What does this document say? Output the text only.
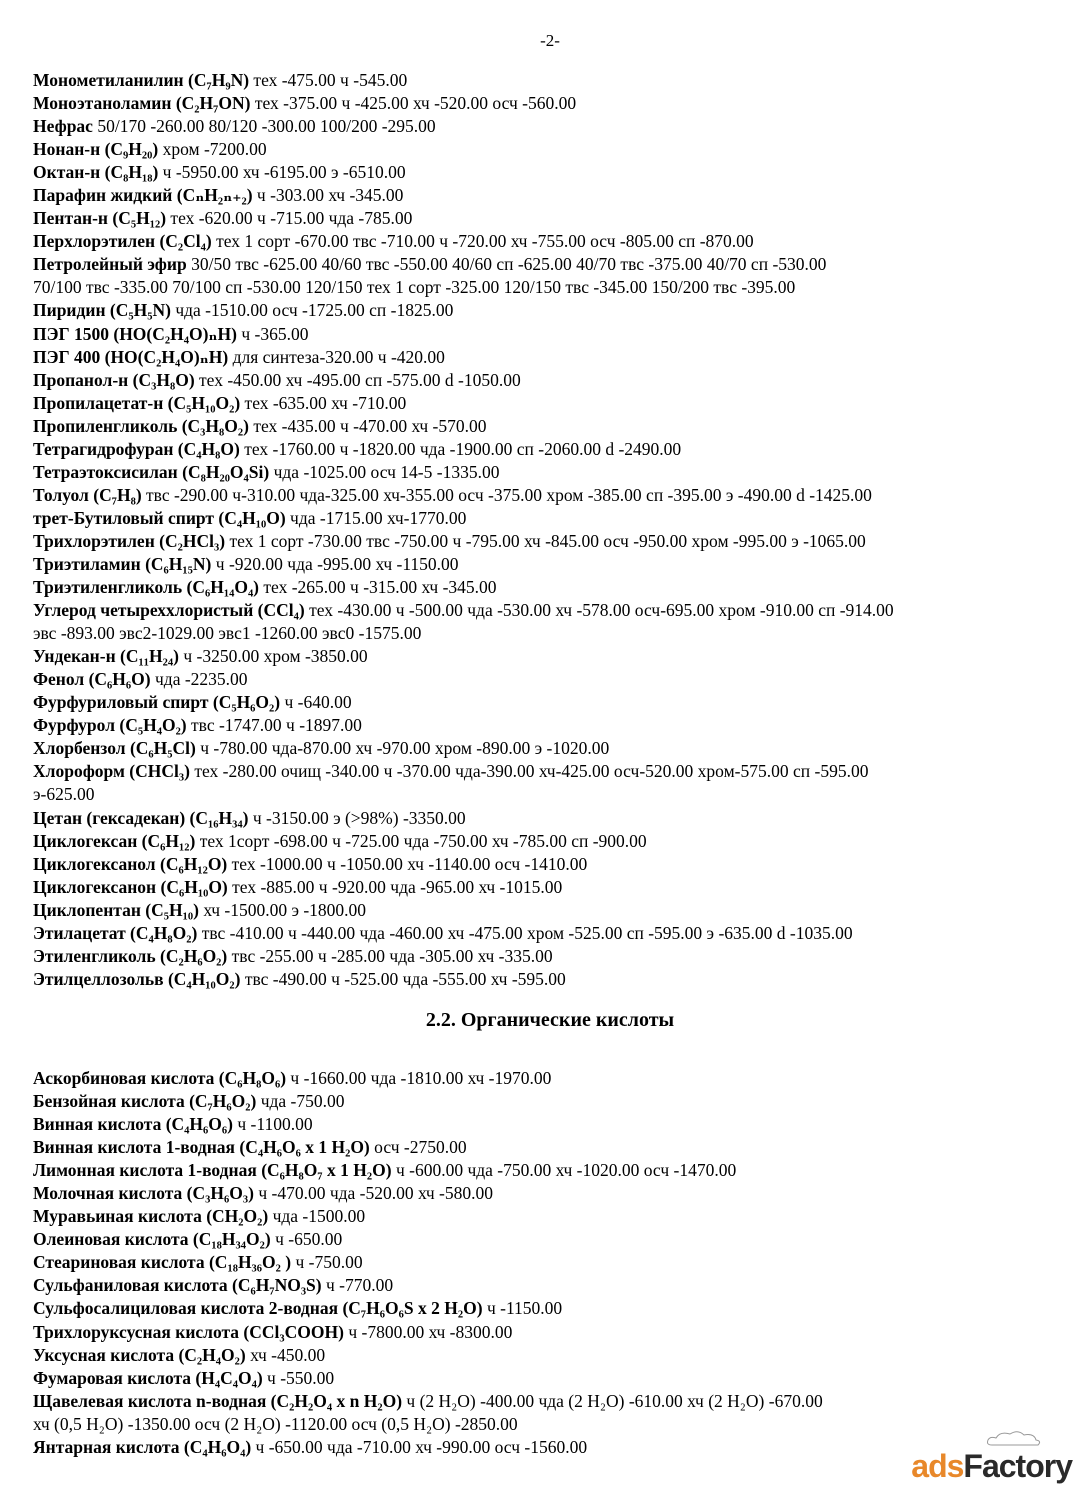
-2-
Монометиланилин (C₇H₉N) тех -475.00 ч -545.00
Моноэтаноламин (C₂H₇ON) тех -375.00 ч -425.00 хч -520.00 осч -560.00
Нефрас 50/170 -260.00 80/120 -300.00 100/200 -295.00
Нонан-н (C₉H₂₀) хром -7200.00
Октан-н (C₈H₁₈) ч -5950.00 хч -6195.00 э -6510.00
Парафин жидкий (CₙH₂ₙ₊₂) ч -303.00 хч -345.00
Пентан-н (C₅H₁₂) тех -620.00 ч -715.00 чда -785.00
Перхлорэтилен (C₂Cl₄) тех 1 сорт -670.00 твс -710.00 ч -720.00 хч -755.00 осч -805.00 сп -870.00
Петролейный эфир 30/50 твс -625.00 40/60 твс -550.00 40/60 сп -625.00 40/70 твс -375.00 40/70 сп -530.00
70/100 твс -335.00 70/100 сп -530.00 120/150 тех 1 сорт -325.00 120/150 твс -345.00 150/200 твс -395.00
Пиридин (C₅H₅N) чда -1510.00 осч -1725.00 сп -1825.00
ПЭГ 1500 (HO(C₂H₄O)ₙH) ч -365.00
ПЭГ 400 (HO(C₂H₄O)ₙH) для синтеза-320.00 ч -420.00
Пропанол-н (C₃H₈O) тех -450.00 хч -495.00 сп -575.00 d -1050.00
Пропилацетат-н (C₅H₁₀O₂) тех -635.00 хч -710.00
Пропиленгликоль (C₃H₈O₂) тех -435.00 ч -470.00 хч -570.00
Тетрагидрофуран (C₄H₈O) тех -1760.00 ч -1820.00 чда -1900.00 сп -2060.00 d -2490.00
Тетраэтоксисилан (C₈H₂₀O₄Si) чда -1025.00 осч 14-5 -1335.00
Толуол (C₇H₈) твс -290.00 ч-310.00 чда-325.00 хч-355.00 осч -375.00 хром -385.00 сп -395.00 э -490.00 d -1425.00
трет-Бутиловый спирт (C₄H₁₀O) чда -1715.00 хч-1770.00
Трихлорэтилен (C₂HCl₃) тех 1 сорт -730.00 твс -750.00 ч -795.00 хч -845.00 осч -950.00 хром -995.00 э -1065.00
Триэтиламин (C₆H₁₅N) ч -920.00 чда -995.00 хч -1150.00
Триэтиленгликоль (C₆H₁₄O₄) тех -265.00 ч -315.00 хч -345.00
Углерод четыреххлористый (CCl₄) тех -430.00 ч -500.00 чда -530.00 хч -578.00 осч-695.00 хром -910.00 сп -914.00
эвс -893.00 эвс2-1029.00 эвс1 -1260.00 эвс0 -1575.00
Ундекан-н (C₁₁H₂₄) ч -3250.00 хром -3850.00
Фенол (C₆H₆O) чда -2235.00
Фурфуриловый спирт (C₅H₆O₂) ч -640.00
Фурфурол (C₅H₄O₂) твс -1747.00 ч -1897.00
Хлорбензол (C₆H₅Cl) ч -780.00 чда-870.00 хч -970.00 хром -890.00 э -1020.00
Хлороформ (CHCl₃) тех -280.00 очищ -340.00 ч -370.00 чда-390.00 хч-425.00 осч-520.00 хром-575.00 сп -595.00
э-625.00
Цетан (гексадекан) (C₁₆H₃₄) ч -3150.00 э (>98%) -3350.00
Циклогексан (C₆H₁₂) тех 1сорт -698.00 ч -725.00 чда -750.00 хч -785.00 сп -900.00
Циклогексанол (C₆H₁₂O) тех -1000.00 ч -1050.00 хч -1140.00 осч -1410.00
Циклогексанон (C₆H₁₀O) тех -885.00 ч -920.00 чда -965.00 хч -1015.00
Циклопентан (C₅H₁₀) хч -1500.00 э -1800.00
Этилацетат (C₄H₈O₂) твс -410.00 ч -440.00 чда -460.00 хч -475.00 хром -525.00 сп -595.00 э -635.00 d -1035.00
Этиленгликоль (C₂H₆O₂) твс -255.00 ч -285.00 чда -305.00 хч -335.00
Этилцеллозольв (C₄H₁₀O₂) твс -490.00 ч -525.00 чда -555.00 хч -595.00
2.2. Органические кислоты
Аскорбиновая кислота (C₆H₈O₆) ч -1660.00 чда -1810.00 хч -1970.00
Бензойная кислота (C₇H₆O₂) чда -750.00
Винная кислота (C₄H₆O₆) ч -1100.00
Винная кислота 1-водная (C₄H₆O₆ x 1 H₂O) осч -2750.00
Лимонная кислота 1-водная (C₆H₈O₇ x 1 H₂O) ч -600.00 чда -750.00 хч -1020.00 осч -1470.00
Молочная кислота (C₃H₆O₃) ч -470.00 чда -520.00 хч -580.00
Муравьиная кислота (CH₂O₂) чда -1500.00
Олеиновая кислота (C₁₈H₃₄O₂) ч -650.00
Стеариновая кислота (C₁₈H₃₆O₂ ) ч -750.00
Сульфаниловая кислота (C₆H₇NO₃S) ч -770.00
Сульфосалициловая кислота 2-водная (C₇H₆O₆S x 2 H₂O) ч -1150.00
Трихлоруксусная кислота (CCl₃COOH) ч -7800.00 хч -8300.00
Уксусная кислота (C₂H₄O₂) хч -450.00
Фумаровая кислота (H₄C₄O₄) ч -550.00
Щавелевая кислота n-водная (C₂H₂O₄ x n H₂O) ч (2 H₂O) -400.00 чда (2 H₂O) -610.00 хч (2 H₂O) -670.00
хч (0,5 H₂O) -1350.00 осч (2 H₂O) -1120.00 осч (0,5 H₂O) -2850.00
Янтарная кислота (C₄H₆O₄) ч -650.00 чда -710.00 хч -990.00 осч -1560.00
adsFactory
